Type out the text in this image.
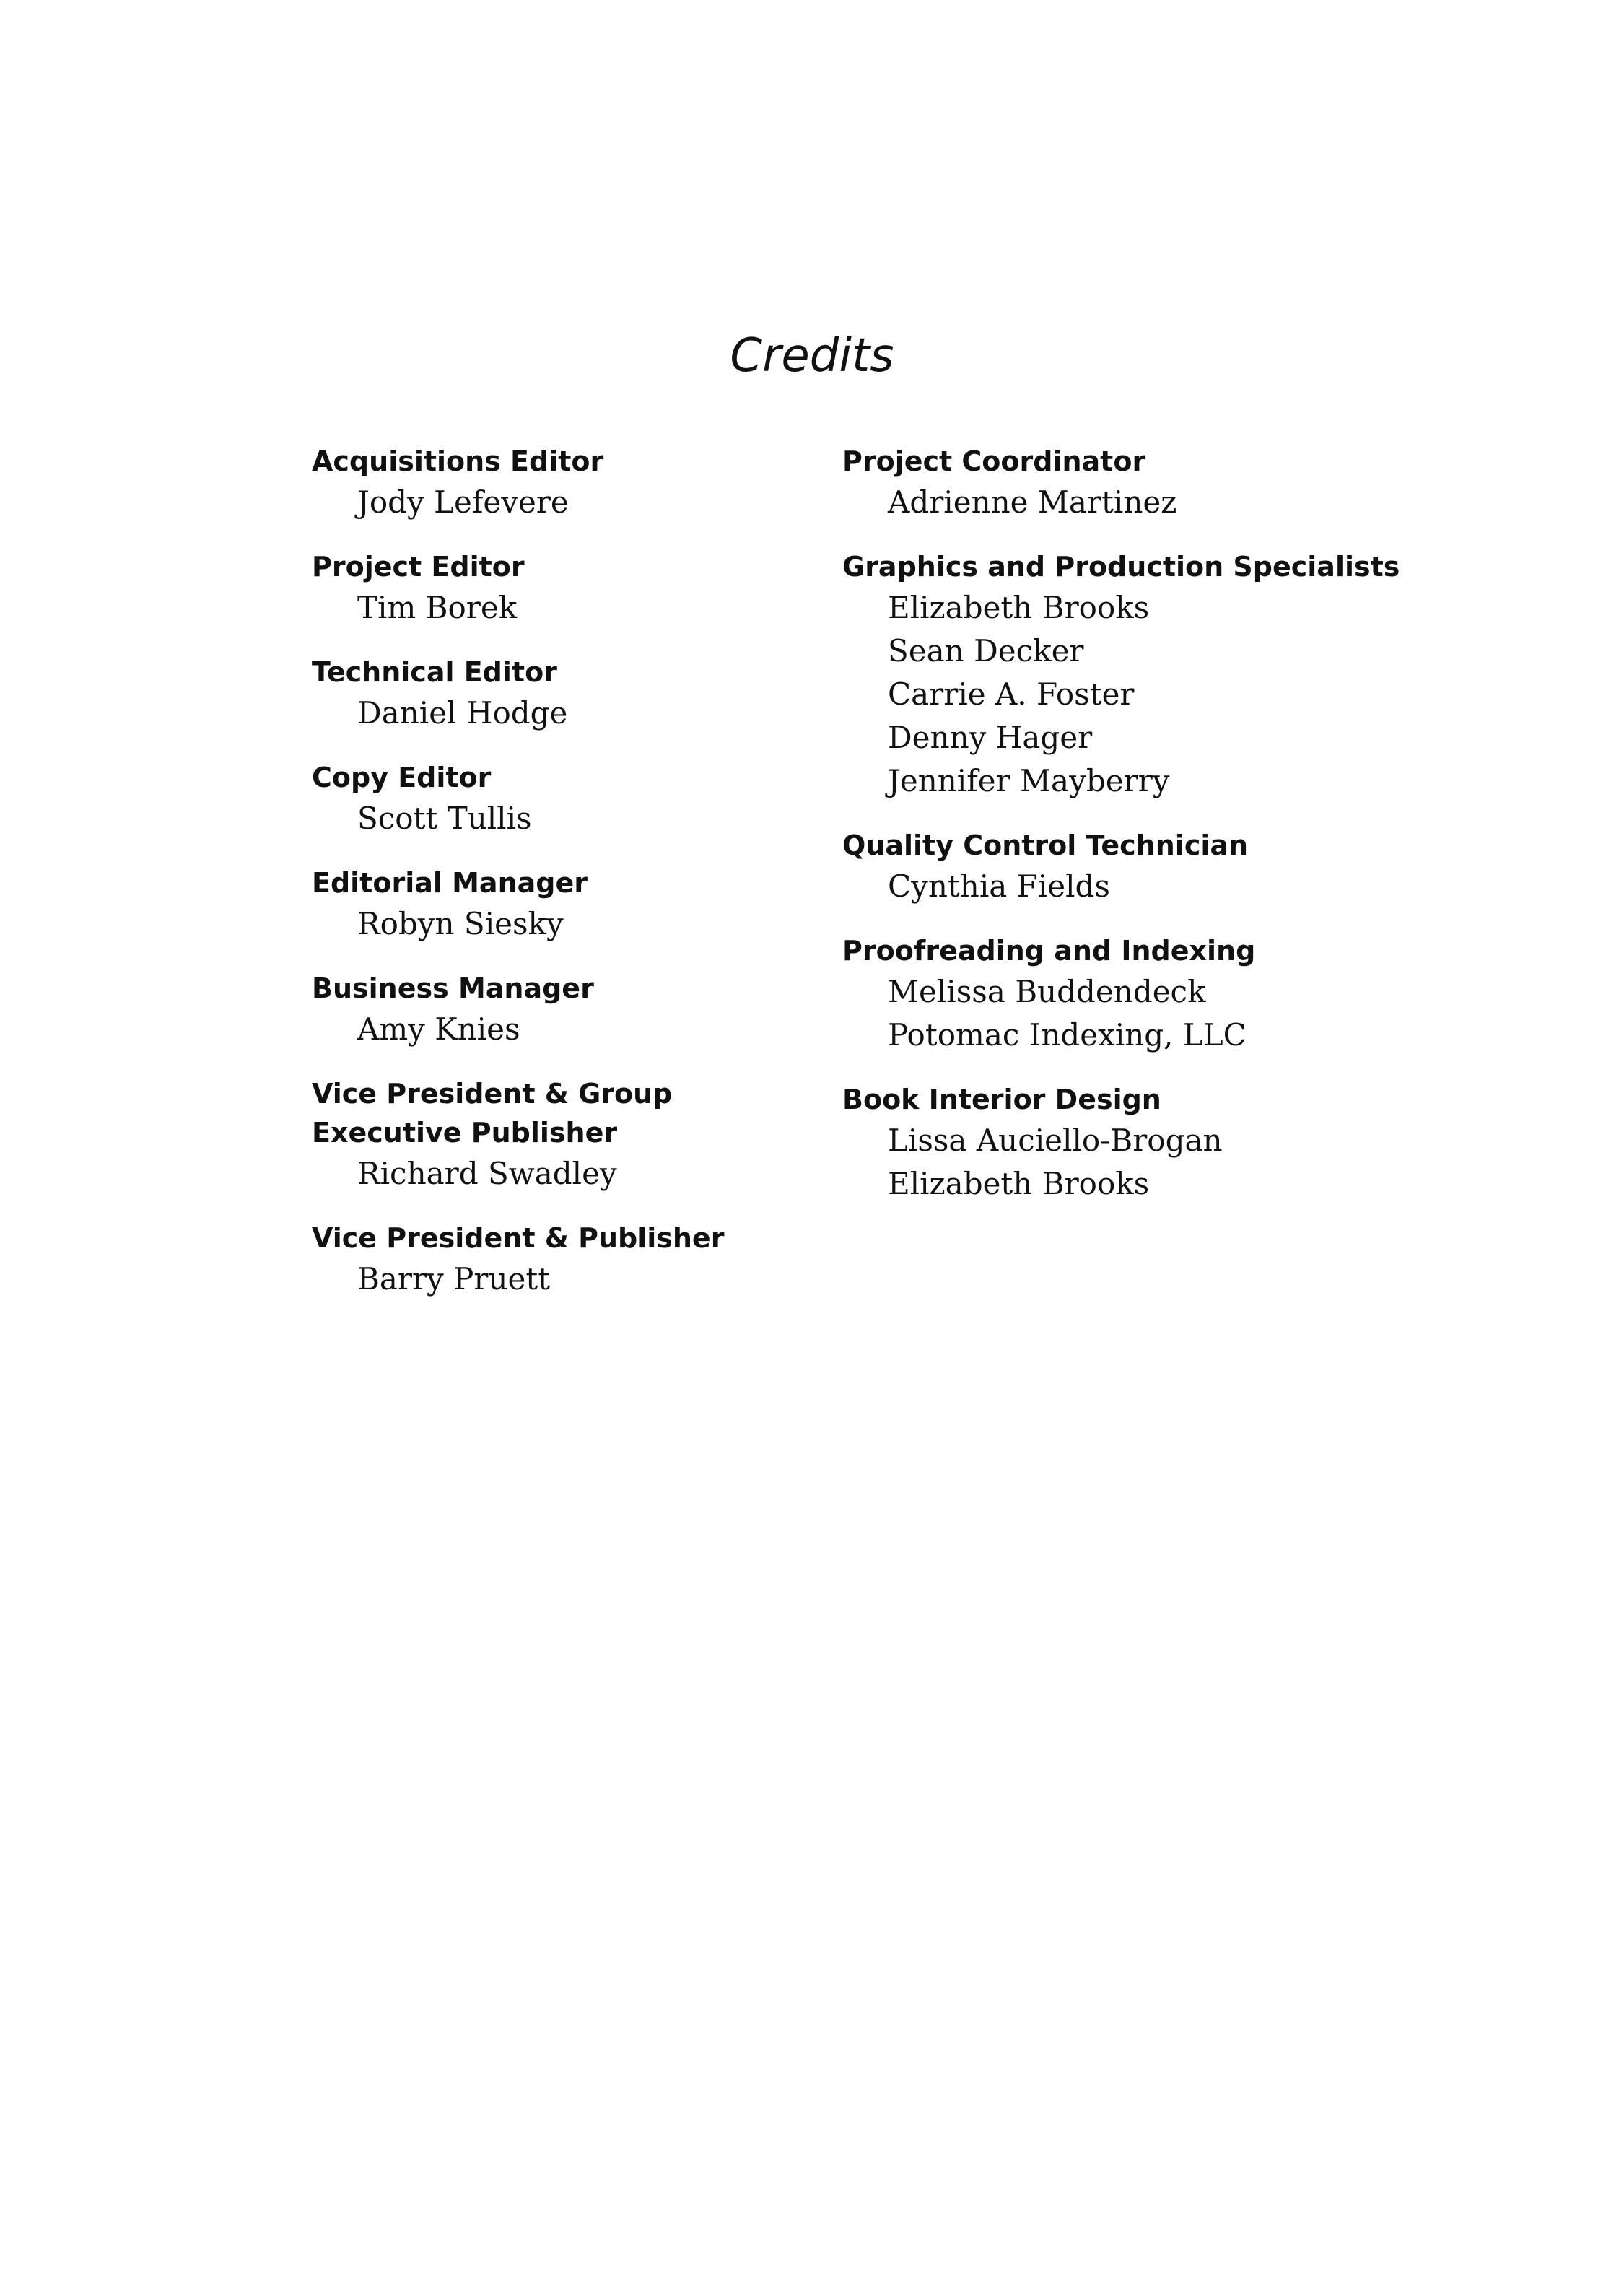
Credits
Acquisitions Editor
Jody Lefevere
Project Editor
Tim Borek
Technical Editor
Daniel Hodge
Copy Editor
Scott Tullis
Editorial Manager
Robyn Siesky
Business Manager
Amy Knies
Vice President & Group Executive Publisher
Richard Swadley
Vice President & Publisher
Barry Pruett
Project Coordinator
Adrienne Martinez
Graphics and Production Specialists
Elizabeth Brooks
Sean Decker
Carrie A. Foster
Denny Hager
Jennifer Mayberry
Quality Control Technician
Cynthia Fields
Proofreading and Indexing
Melissa Buddendeck
Potomac Indexing, LLC
Book Interior Design
Lissa Auciello-Brogan
Elizabeth Brooks
